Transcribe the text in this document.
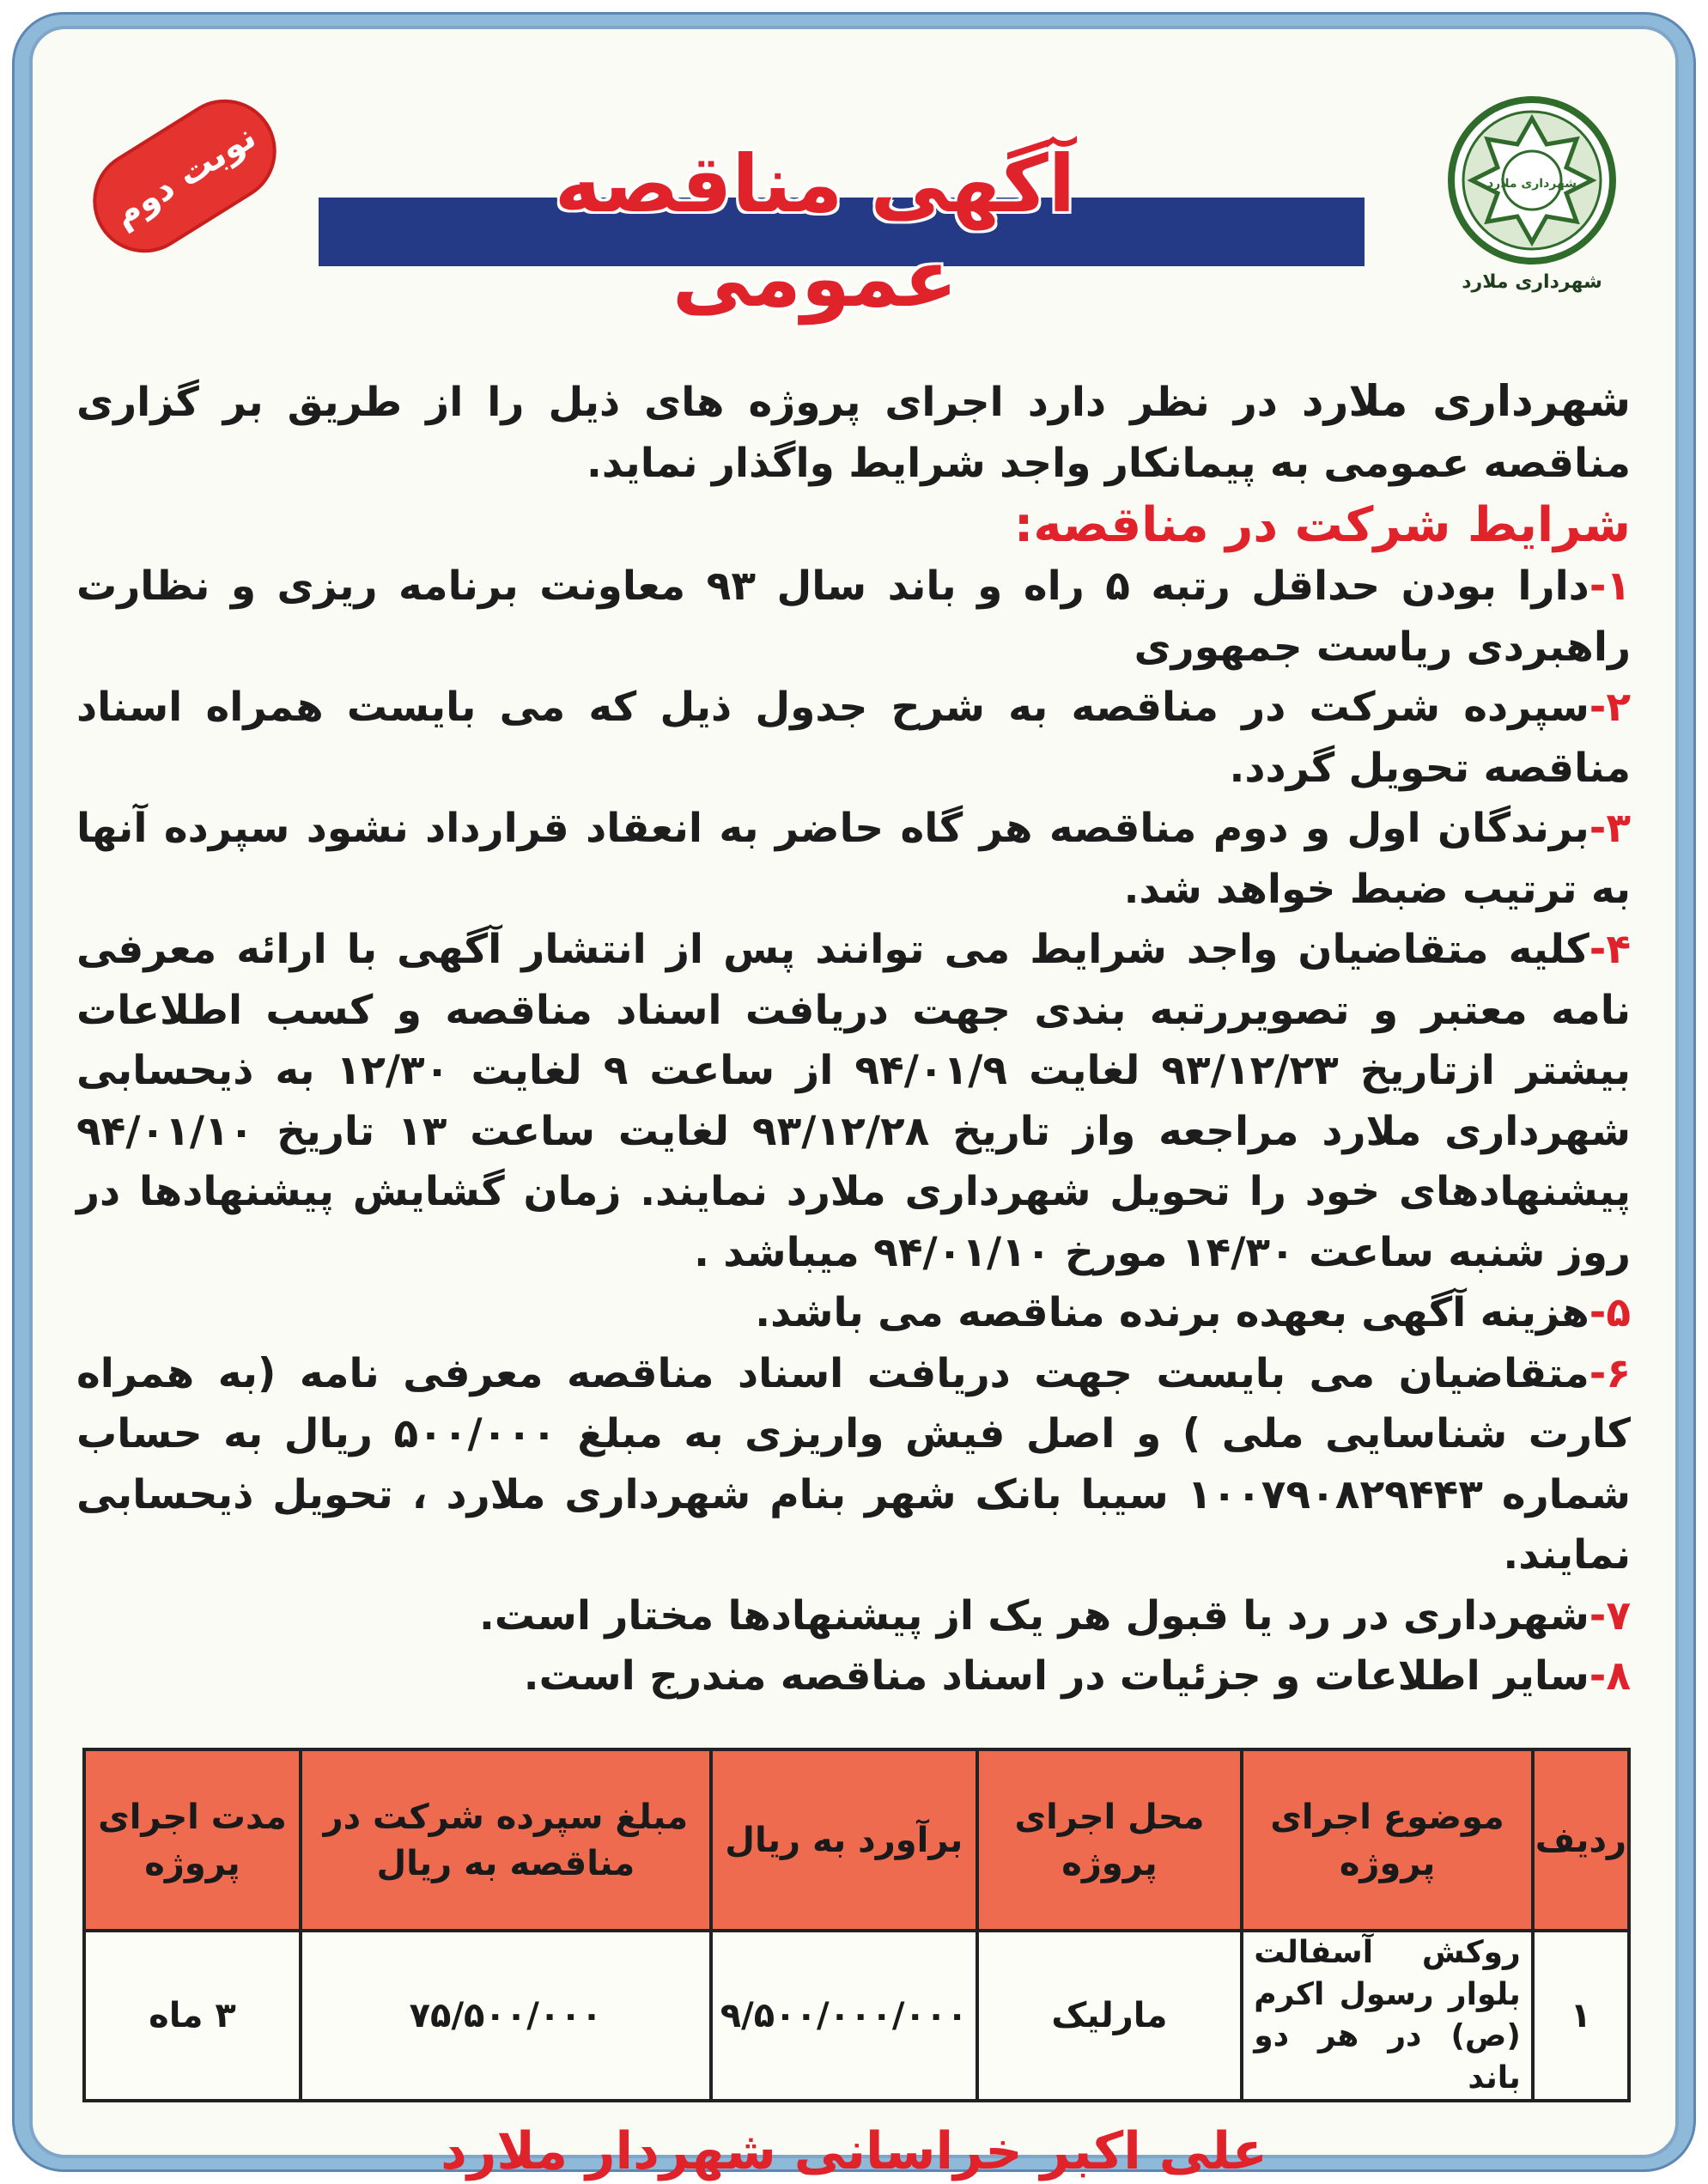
شهرداری ملارد
شهرداری ملارد
نوبت دوم	آگهی مناقصه عمومی

شهرداری ملارد در نظر دارد اجرای پروژه های ذیل را از طریق بر گزاری مناقصه عمومی به پیمانکار واجد شرایط واگذار نماید.

شرایط شرکت در مناقصه:

۱-دارا بودن حداقل رتبه ۵ راه و باند سال ۹۳ معاونت برنامه ریزی و نظارت راهبردی ریاست جمهوری

۲-سپرده شرکت در مناقصه به شرح جدول ذیل که می بایست همراه اسناد مناقصه تحویل گردد.

۳-برندگان اول و دوم مناقصه هر گاه حاضر به انعقاد قرارداد نشود سپرده آنها به ترتیب ضبط خواهد شد.

۴-کلیه متقاضیان واجد شرایط می توانند پس از انتشار آگهی با ارائه معرفی نامه معتبر و تصویررتبه بندی جهت دریافت اسناد مناقصه و کسب اطلاعات بیشتر ازتاریخ ۹۳/۱۲/۲۳ لغایت ۹۴/۰۱/۹ از ساعت ۹ لغایت ۱۲/۳۰ به ذیحسابی شهرداری ملارد مراجعه واز تاریخ ۹۳/۱۲/۲۸ لغایت ساعت ۱۳ تاریخ ۹۴/۰۱/۱۰ پیشنهادهای خود را تحویل شهرداری ملارد نمایند. زمان گشایش پیشنهادها در روز شنبه ساعت ۱۴/۳۰ مورخ ۹۴/۰۱/۱۰ میباشد .

۵-هزینه آگهی بعهده برنده مناقصه می باشد.

۶-متقاضیان می بایست جهت دریافت اسناد مناقصه معرفی نامه (به همراه کارت شناسایی ملی ) و اصل فیش واریزی به مبلغ ۵۰۰/۰۰۰ ریال به حساب شماره ۱۰۰۷۹۰۸۲۹۴۴۳ سیبا بانک شهر بنام شهرداری ملارد ، تحویل ذیحسابی نمایند.

۷-شهرداری در رد یا قبول هر یک از پیشنهادها مختار است.

۸-سایر اطلاعات و جزئیات در اسناد مناقصه مندرج است.

ردیف	موضوع اجرای پروژه	محل اجرای پروژه	برآورد به ریال	مبلغ سپرده شرکت در مناقصه به ریال	مدت اجرای پروژه
۱	روکش آسفالت بلوار رسول اکرم (ص) در هر دو باند	مارلیک	۹/۵۰۰/۰۰۰/۰۰۰	۷۵/۵۰۰/۰۰۰	۳ ماه
علی اکبر خراسانی شهردار ملارد
